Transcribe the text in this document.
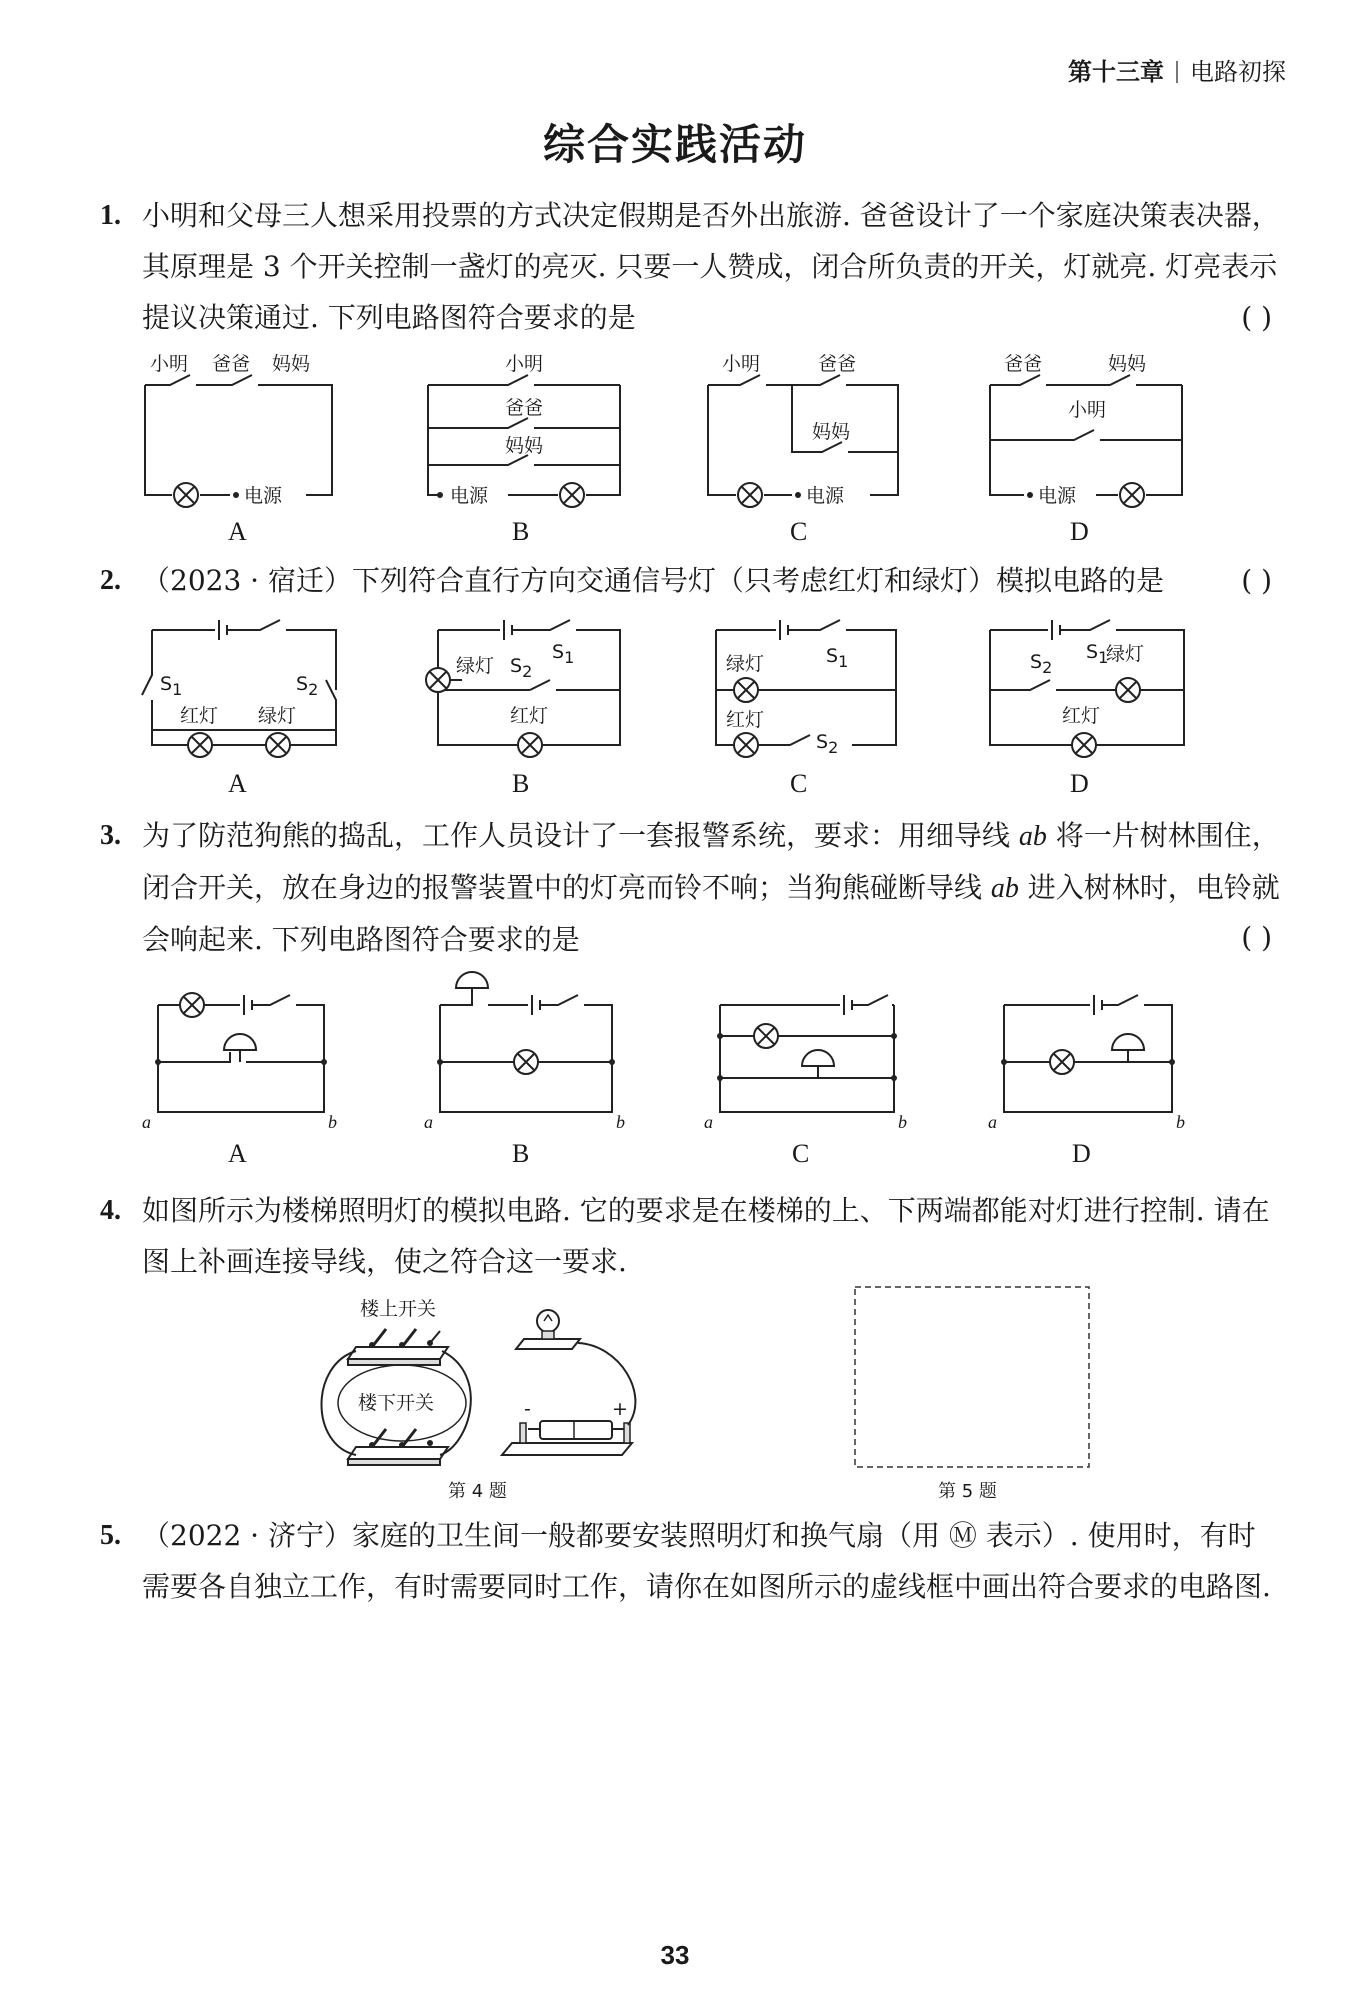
第十三章 电路初探
综合实践活动
1. 小明和父母三人想采用投票的方式决定假期是否外出旅游. 爸爸设计了一个家庭决策表决器，其原理是 3 个开关控制一盏灯的亮灭. 只要一人赞成，闭合所负责的开关，灯就亮. 灯亮表示提议决策通过. 下列电路图符合要求的是	( )
小明 爸爸 妈妈
电源
A
小明
爸爸
妈妈
电源
B
小明	爸爸
妈妈
电源
C
爸爸	妈妈
小明
电源
D
2. （2023 · 宿迁）下列符合直行方向交通信号灯（只考虑红灯和绿灯）模拟电路的是	( )
$S_1$	$S_2$
红灯 绿灯
A
绿灯 $S_2$
$S_1$
红灯
B
绿灯	$S_1$
红灯
$S_2$
C
$S_2$
$S_1$
绿灯
红灯
D
3. 为了防范狗熊的捣乱，工作人员设计了一套报警系统，要求：用细导线 ab 将一片树林围住，闭合开关，放在身边的报警装置中的灯亮而铃不响；当狗熊碰断导线 ab 进入树林时，电铃就会响起来. 下列电路图符合要求的是	( )
a	b
A
a	b
B
a	b
C
a	b
D
4. 如图所示为楼梯照明灯的模拟电路. 它的要求是在楼梯的上、下两端都能对灯进行控制. 请在图上补画连接导线，使之符合这一要求.
楼上开关
楼下开关	-	+
第 4 题	第 5 题
5. （2022 · 济宁）家庭的卫生间一般都要安装照明灯和换气扇（用 Ⓜ 表示）. 使用时，有时需要各自独立工作，有时需要同时工作，请你在如图所示的虚线框中画出符合要求的电路图.
33
